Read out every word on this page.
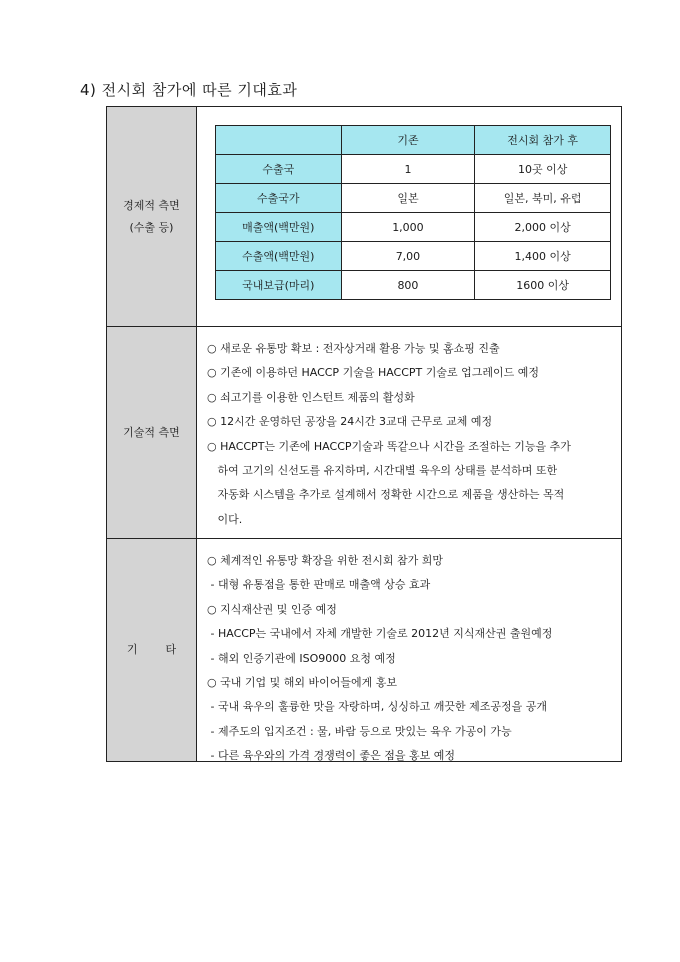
4) 전시회 참가에 따른 기대효과
경제적 측면
(수출 등)
	기존	전시회 참가 후
수출국	1	10곳 이상
수출국가	일본	일본, 북미, 유럽
매출액(백만원)	1,000	2,000 이상
수출액(백만원)	7,00	1,400 이상
국내보급(마리)	800	1600 이상
기술적 측면
○ 새로운 유통망 확보 : 전자상거래 활용 가능 및 홈쇼핑 진출
○ 기존에 이용하던 HACCP 기술을 HACCPT 기술로 업그레이드 예정
○ 쇠고기를 이용한 인스턴트 제품의 활성화
○ 12시간 운영하던 공장을 24시간 3교대 근무로 교체 예정
○ HACCPT는 기존에 HACCP기술과 똑같으나 시간을 조절하는 기능을 추가
하여 고기의 신선도를 유지하며, 시간대별 육우의 상태를 분석하며 또한
자동화 시스템을 추가로 설계해서 정확한 시간으로 제품을 생산하는 목적
이다.
기        타
○ 체계적인 유통망 확장을 위한 전시회 참가 희망
- 대형 유통점을 통한 판매로 매출액 상승 효과
○ 지식재산권 및 인증 예정
- HACCP는 국내에서 자체 개발한 기술로 2012년 지식재산권 출원예정
- 해외 인증기관에 ISO9000 요청 예정
○ 국내 기업 및 해외 바이어들에게 홍보
- 국내 육우의 훌륭한 맛을 자랑하며, 싱싱하고 깨끗한 제조공정을 공개
- 제주도의 입지조건 : 물, 바람 등으로 맛있는 육우 가공이 가능
- 다른 육우와의 가격 경쟁력이 좋은 점을 홍보 예정
